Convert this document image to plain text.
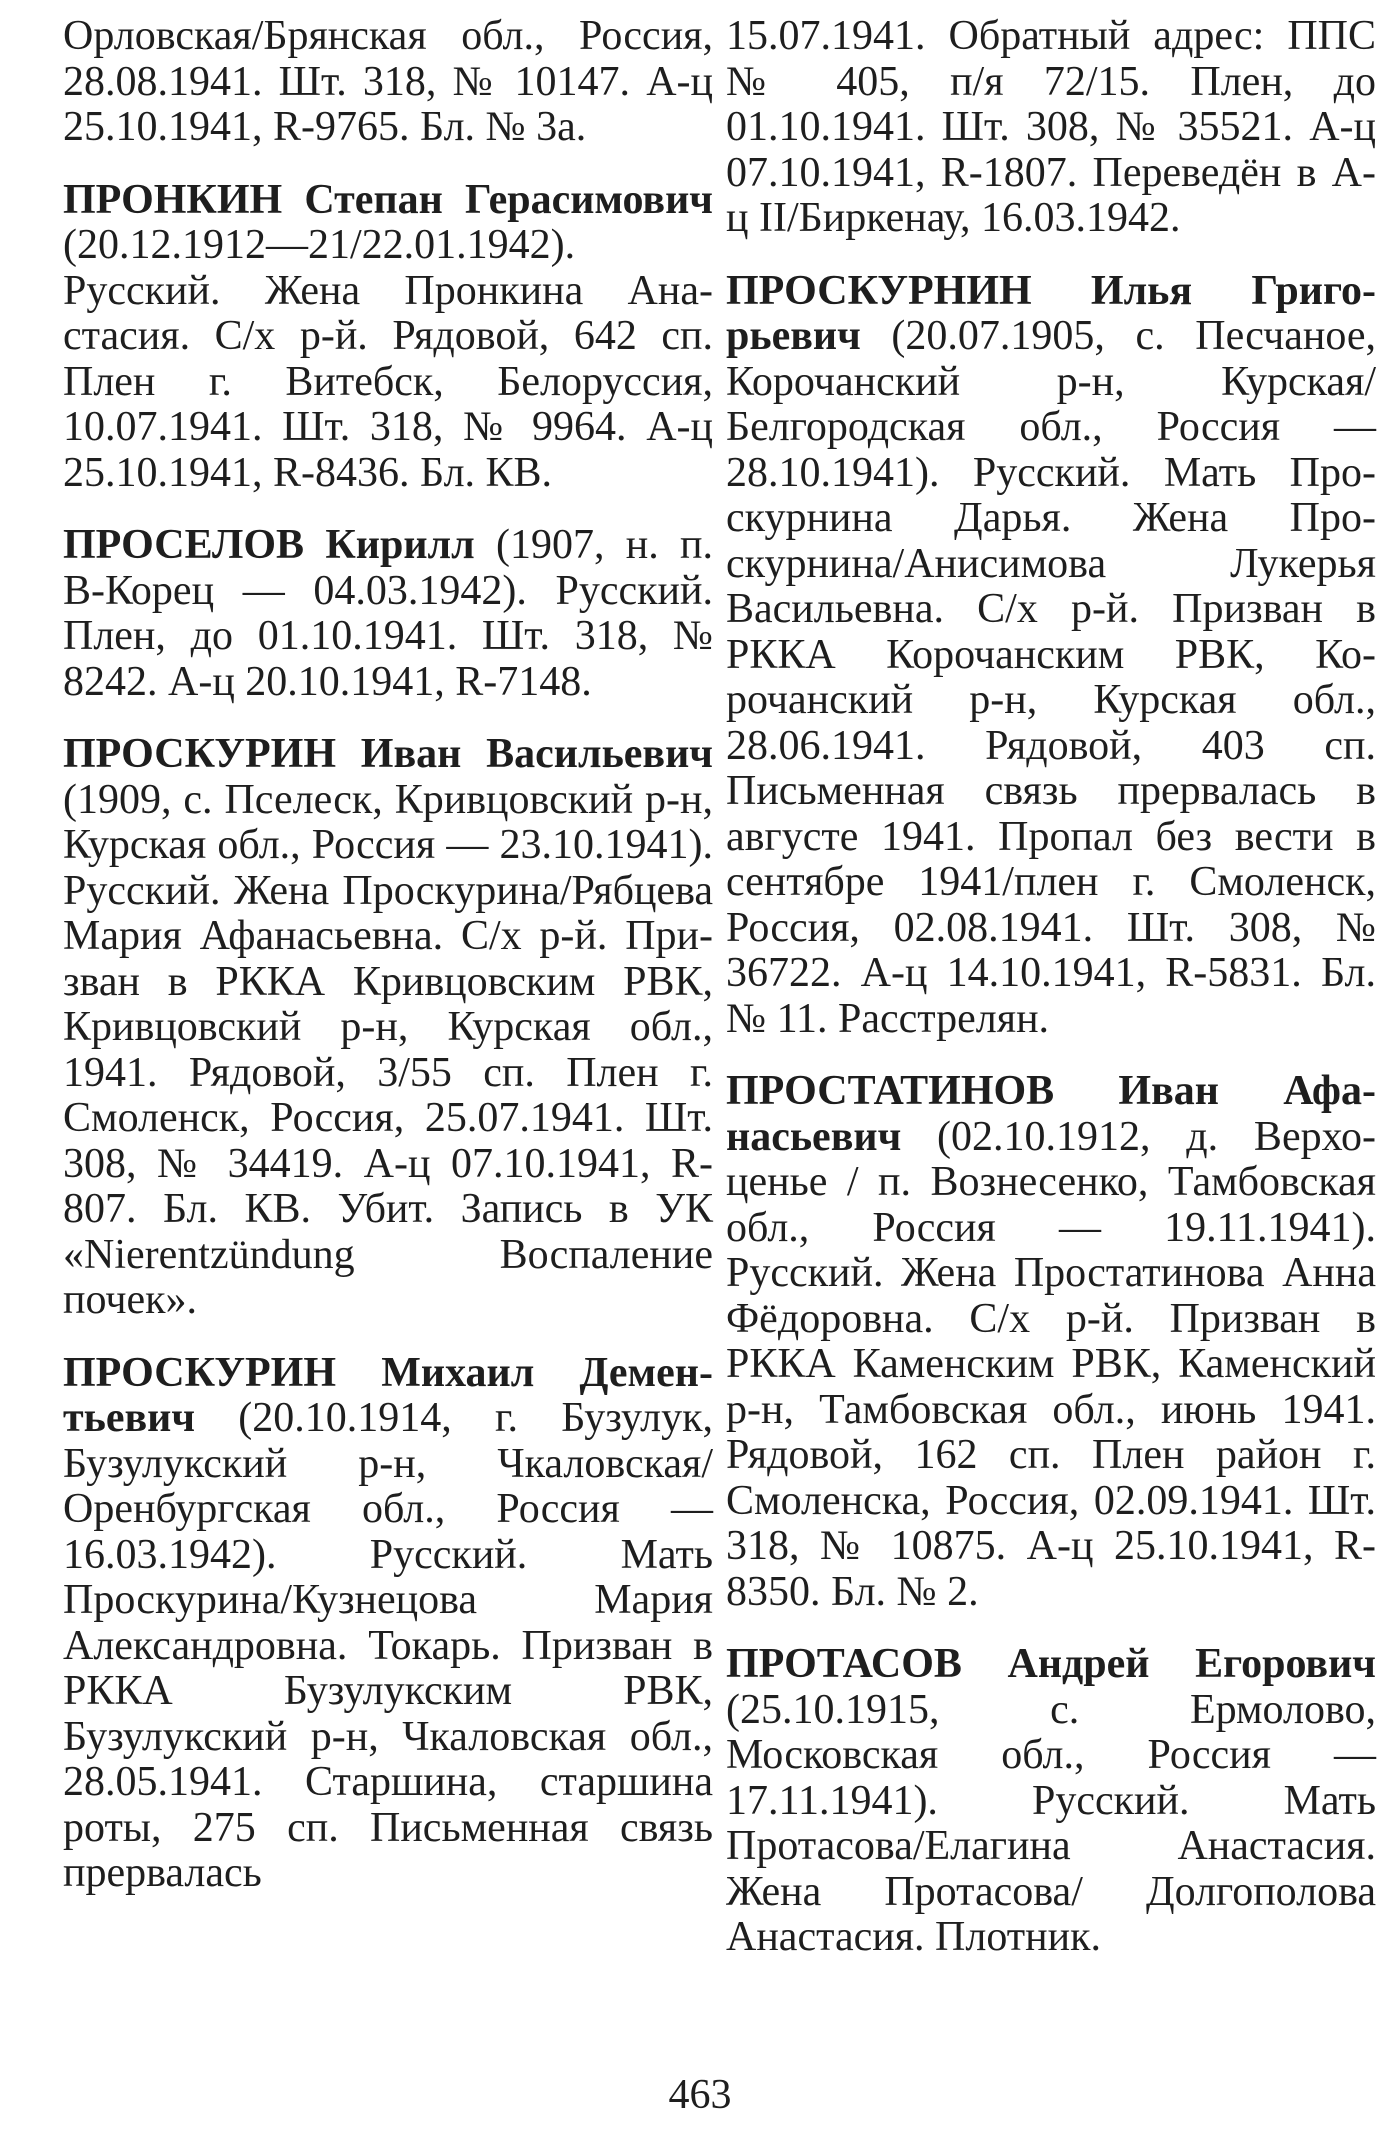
Орловская/Брянская обл., Россия, 28.08.1941. Шт. 318, № 10147. А-ц 25.10.1941, R-9765. Бл. № 3а.

ПРОНКИН Степан Герасимович (20.12.1912—21/22.01.1942). Русский. Жена Пронкина Анастасия. С/х р-й. Рядовой, 642 сп. Плен г. Витебск, Белоруссия, 10.07.1941. Шт. 318, № 9964. А-ц 25.10.1941, R-8436. Бл. КВ.

ПРОСЕЛОВ Кирилл (1907, н. п. В-Корец — 04.03.1942). Русский. Плен, до 01.10.1941. Шт. 318, № 8242. А-ц 20.10.1941, R-7148.

ПРОСКУРИН Иван Васильевич (1909, с. Пселеск, Кривцовский р-н, Курская обл., Россия — 23.10.1941). Русский. Жена Проскурина/Рябцева Мария Афанасьевна. С/х р-й. Призван в РККА Кривцовским РВК, Кривцовский р-н, Курская обл., 1941. Рядовой, 3/55 сп. Плен г. Смоленск, Россия, 25.07.1941. Шт. 308, № 34419. А-ц 07.10.1941, R-807. Бл. КВ. Убит. Запись в УК «Nierentzündung Воспаление почек».

ПРОСКУРИН Михаил Дементьевич (20.10.1914, г. Бузулук, Бузулукский р-н, Чкаловская/ Оренбургская обл., Россия — 16.03.1942). Русский. Мать Проскурина/Кузнецова Мария Александровна. Токарь. Призван в РККА Бузулукским РВК, Бузулукский р-н, Чкаловская обл., 28.05.1941. Старшина, старшина роты, 275 сп. Письменная связь прервалась

15.07.1941. Обратный адрес: ППС № 405, п/я 72/15. Плен, до 01.10.1941. Шт. 308, № 35521. А-ц 07.10.1941, R-1807. Переведён в А-ц II/Биркенау, 16.03.1942.

ПРОСКУРНИН Илья Григорьевич (20.07.1905, с. Песчаное, Корочанский р-н, Курская/ Белгородская обл., Россия — 28.10.1941). Русский. Мать Проскурнина Дарья. Жена Проскурнина/Анисимова Лукерья Васильевна. С/х р-й. Призван в РККА Корочанским РВК, Корочанский р-н, Курская обл., 28.06.1941. Рядовой, 403 сп. Письменная связь прервалась в августе 1941. Пропал без вести в сентябре 1941/плен г. Смоленск, Россия, 02.08.1941. Шт. 308, № 36722. А-ц 14.10.1941, R-5831. Бл. № 11. Расстрелян.

ПРОСТАТИНОВ Иван Афанасьевич (02.10.1912, д. Верхоценье / п. Вознесенко, Тамбовская обл., Россия — 19.11.1941). Русский. Жена Простатинова Анна Фёдоровна. С/х р-й. Призван в РККА Каменским РВК, Каменский р-н, Тамбовская обл., июнь 1941. Рядовой, 162 сп. Плен район г. Смоленска, Россия, 02.09.1941. Шт. 318, № 10875. А-ц 25.10.1941, R-8350. Бл. № 2.

ПРОТАСОВ Андрей Егорович (25.10.1915, с. Ермолово, Московская обл., Россия — 17.11.1941). Русский. Мать Протасова/Елагина Анастасия. Жена Протасова/ Долгополова Анастасия. Плотник.

463
